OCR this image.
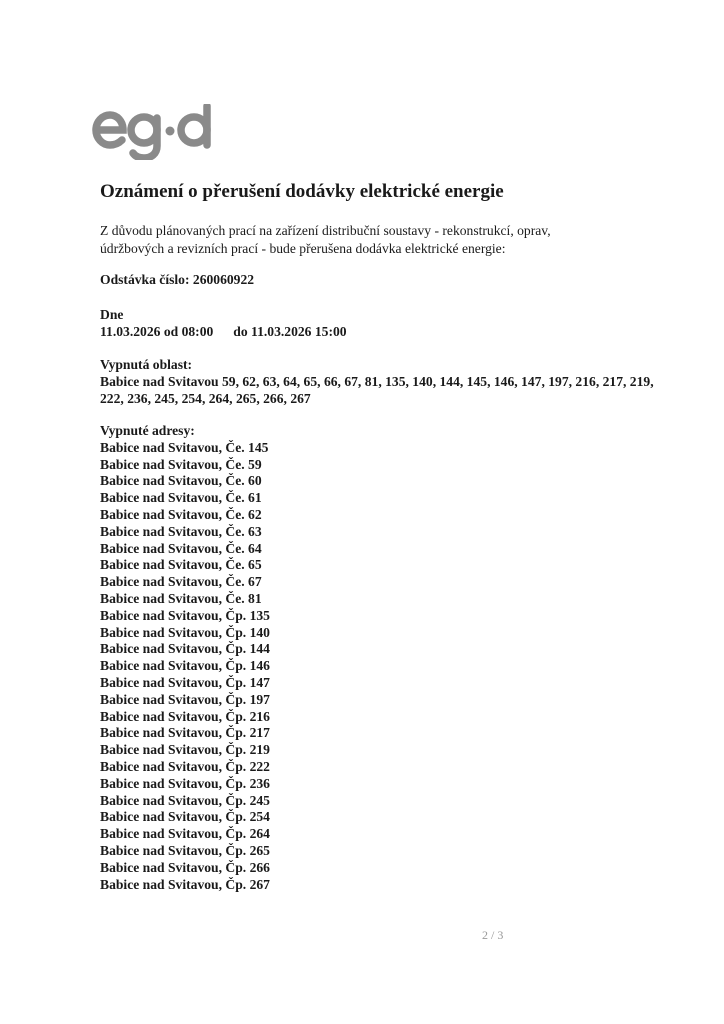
Oznámení o přerušení dodávky elektrické energie

Z důvodu plánovaných prací na zařízení distribuční soustavy - rekonstrukcí, oprav,
údržbových a revizních prací - bude přerušena dodávka elektrické energie:

Odstávka číslo: 260060922
Dne
11.03.2026 od 08:00 do 11.03.2026 15:00
Vypnutá oblast:
Babice nad Svitavou 59, 62, 63, 64, 65, 66, 67, 81, 135, 140, 144, 145, 146, 147, 197, 216, 217, 219,
222, 236, 245, 254, 264, 265, 266, 267
Vypnuté adresy:
Babice nad Svitavou, Če. 145
Babice nad Svitavou, Če. 59
Babice nad Svitavou, Če. 60
Babice nad Svitavou, Če. 61
Babice nad Svitavou, Če. 62
Babice nad Svitavou, Če. 63
Babice nad Svitavou, Če. 64
Babice nad Svitavou, Če. 65
Babice nad Svitavou, Če. 67
Babice nad Svitavou, Če. 81
Babice nad Svitavou, Čp. 135
Babice nad Svitavou, Čp. 140
Babice nad Svitavou, Čp. 144
Babice nad Svitavou, Čp. 146
Babice nad Svitavou, Čp. 147
Babice nad Svitavou, Čp. 197
Babice nad Svitavou, Čp. 216
Babice nad Svitavou, Čp. 217
Babice nad Svitavou, Čp. 219
Babice nad Svitavou, Čp. 222
Babice nad Svitavou, Čp. 236
Babice nad Svitavou, Čp. 245
Babice nad Svitavou, Čp. 254
Babice nad Svitavou, Čp. 264
Babice nad Svitavou, Čp. 265
Babice nad Svitavou, Čp. 266
Babice nad Svitavou, Čp. 267
2 / 3
